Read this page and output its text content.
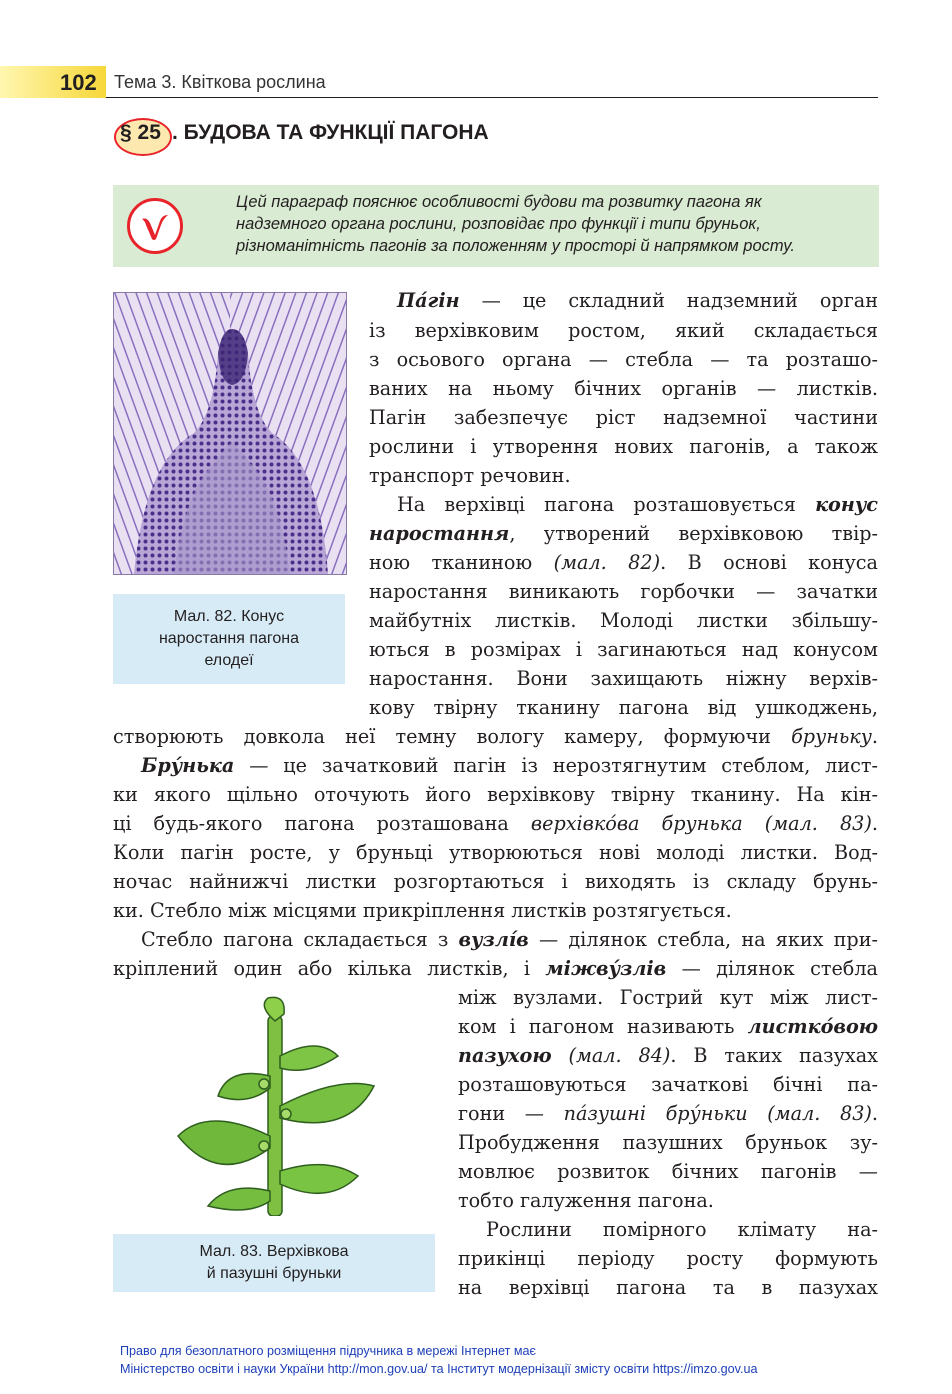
102 Тема 3. Квіткова рослина
§ 25 . БУДОВА ТА ФУНКЦІЇ ПАГОНА
Цей параграф пояснює особливості будови та розвитку пагона як
надземного органа рослини, розповідає про функції і типи бруньок,
різноманітність пагонів за положенням у просторі й напрямком росту.
Мал. 82. Конус
наростання пагона
елодеї
Мал. 83. Верхівкова
й пазушні бруньки
Па́гін — це складний надземний орган
із верхівковим ростом, який складається
з осьового органа — стебла — та розташо-
ваних на ньому бічних органів — листків.
Пагін забезпечує ріст надземної частини
рослини і утворення нових пагонів, а також
транспорт речовин.
На верхівці пагона розташовується конус
наростання, утворений верхівковою твір-
ною тканиною (мал. 82). В основі конуса
наростання виникають горбочки — зачатки
майбутніх листків. Молоді листки збільшу-
ються в розмірах і загинаються над конусом
наростання. Вони захищають ніжну верхів-
кову твірну тканину пагона від ушкоджень,
створюють довкола неї темну вологу камеру, формуючи бруньку.
Бру́нька — це зачатковий пагін із нерозтягнутим стеблом, лист-
ки якого щільно оточують його верхівкову твірну тканину. На кін-
ці будь-якого пагона розташована верхівко́ва брунька (мал. 83).
Коли пагін росте, у бруньці утворюються нові молоді листки. Вод-
ночас найнижчі листки розгортаються і виходять із складу брунь-
ки. Стебло між місцями прикріплення листків розтягується.
Стебло пагона складається з вузлі́в — ділянок стебла, на яких при-
кріплений один або кілька листків, і міжву́злів — ділянок стебла
між вузлами. Гострий кут між лист-
ком і пагоном називають листко́вою
пазухою (мал. 84). В таких пазухах
розташовуються зачаткові бічні па-
гони — па́зушні бру́ньки (мал. 83).
Пробудження пазушних бруньок зу-
мовлює розвиток бічних пагонів —
тобто галуження пагона.
Рослини помірного клімату на-
прикінці періоду росту формують
на верхівці пагона та в пазухах
Право для безоплатного розміщення підручника в мережі Інтернет має
Міністерство освіти і науки України http://mon.gov.ua/ та Інститут модернізації змісту освіти https://imzo.gov.ua
